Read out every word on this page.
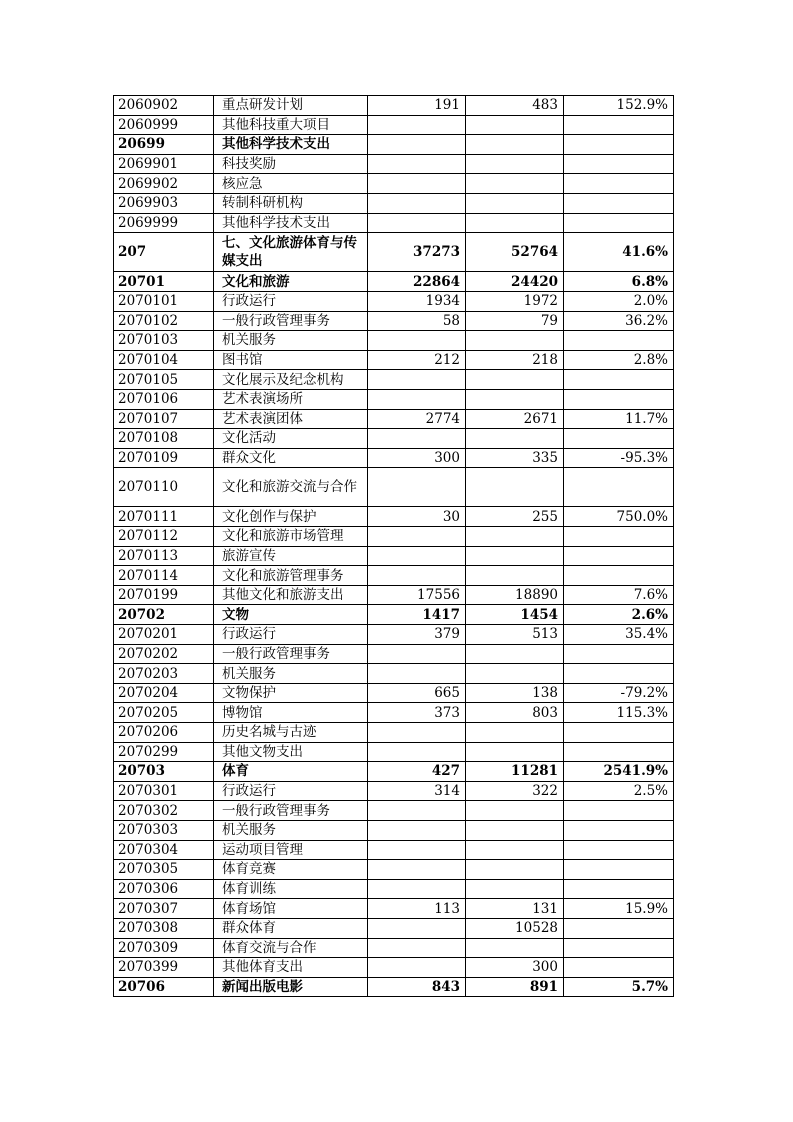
2060902	重点研发计划	191	483	152.9%
2060999	其他科技重大项目			
20699	其他科学技术支出			
2069901	科技奖励			
2069902	核应急			
2069903	转制科研机构			
2069999	其他科学技术支出			
207	七、文化旅游体育与传媒支出	37273	52764	41.6%
20701	文化和旅游	22864	24420	6.8%
2070101	行政运行	1934	1972	2.0%
2070102	一般行政管理事务	58	79	36.2%
2070103	机关服务			
2070104	图书馆	212	218	2.8%
2070105	文化展示及纪念机构			
2070106	艺术表演场所			
2070107	艺术表演团体	2774	2671	11.7%
2070108	文化活动			
2070109	群众文化	300	335	-95.3%
2070110	文化和旅游交流与合作			
2070111	文化创作与保护	30	255	750.0%
2070112	文化和旅游市场管理			
2070113	旅游宣传			
2070114	文化和旅游管理事务			
2070199	其他文化和旅游支出	17556	18890	7.6%
20702	文物	1417	1454	2.6%
2070201	行政运行	379	513	35.4%
2070202	一般行政管理事务			
2070203	机关服务			
2070204	文物保护	665	138	-79.2%
2070205	博物馆	373	803	115.3%
2070206	历史名城与古迹			
2070299	其他文物支出			
20703	体育	427	11281	2541.9%
2070301	行政运行	314	322	2.5%
2070302	一般行政管理事务			
2070303	机关服务			
2070304	运动项目管理			
2070305	体育竞赛			
2070306	体育训练			
2070307	体育场馆	113	131	15.9%
2070308	群众体育		10528	
2070309	体育交流与合作			
2070399	其他体育支出		300	
20706	新闻出版电影	843	891	5.7%
